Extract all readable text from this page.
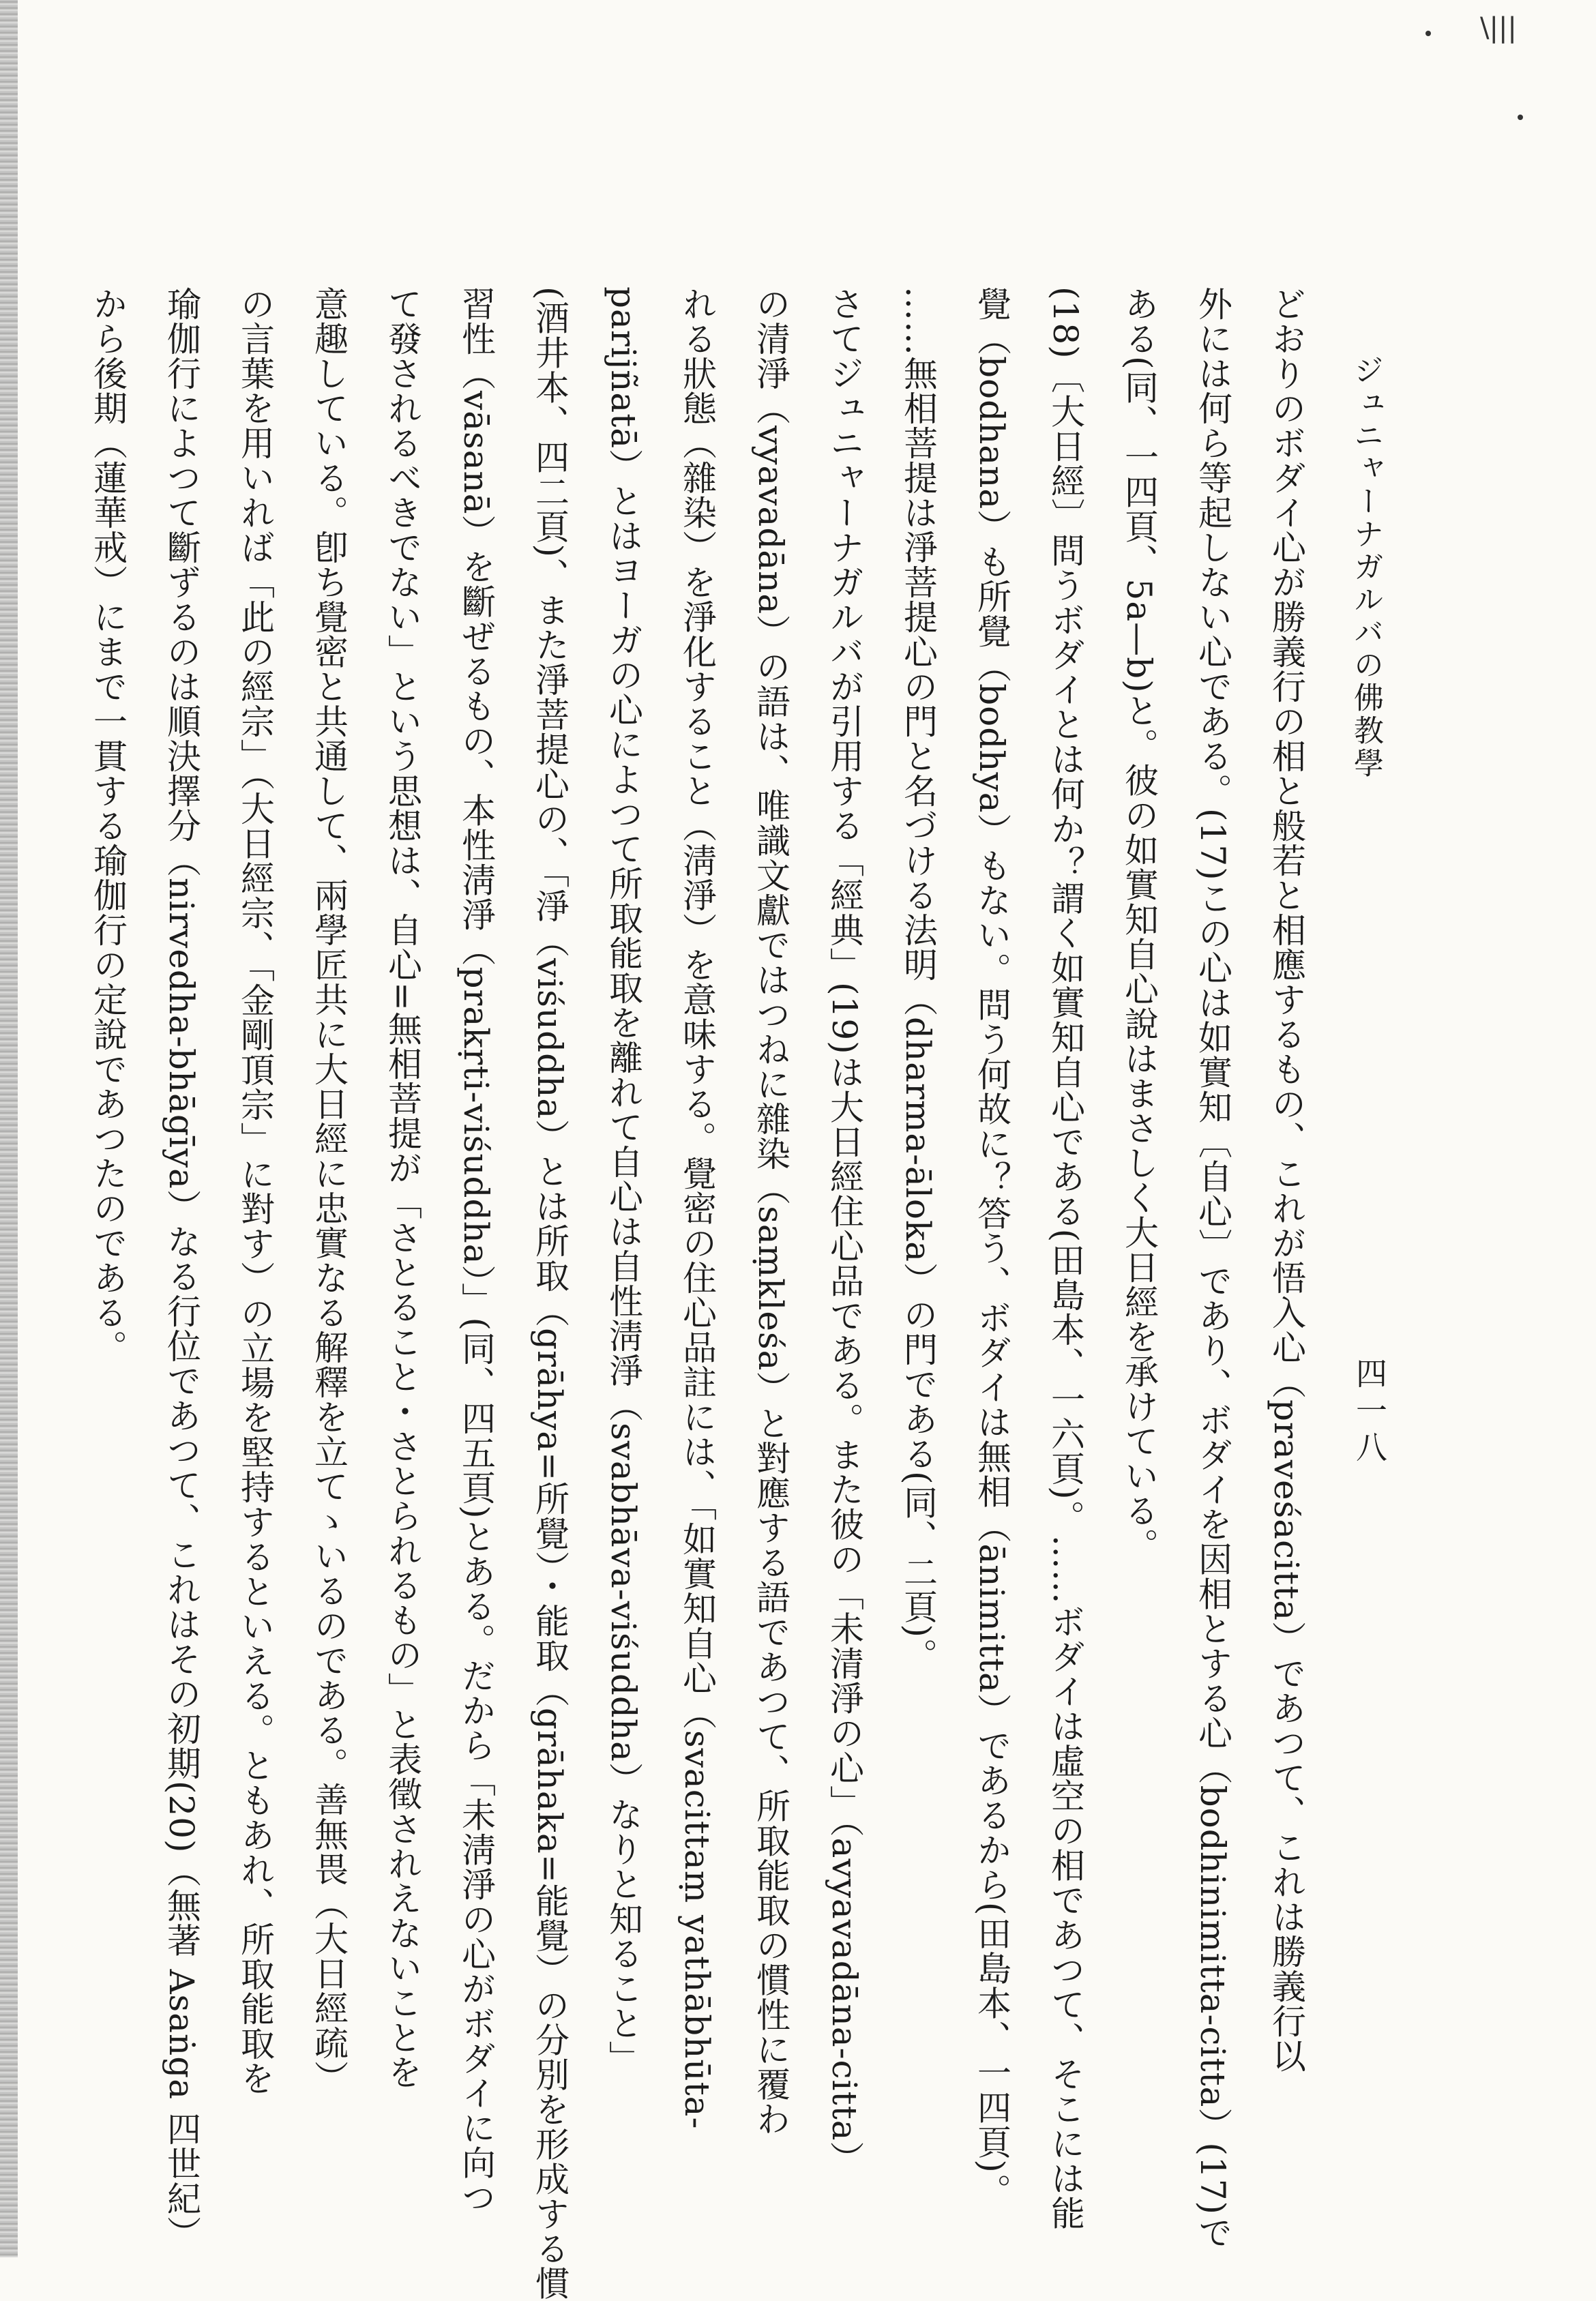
\|||
ジュニャーナガルバの佛教學
四一八
どおりのボダイ心が勝義行の相と般若と相應するもの、これが悟入心（praveśacitta）であつて、これは勝義行以
外には何ら等起しない心である。(17)この心は如實知〔自心〕であり、ボダイを因相とする心（bodhinimitta-citta）(17)で
ある(同、一四頁、5a—b)と。彼の如實知自心說はまさしく大日經を承けている。
(18)〔大日經〕問うボダイとは何か？謂く如實知自心である(田島本、一六頁)。……ボダイは虛空の相であつて、そこには能
覺（bodhana）も所覺（bodhya）もない。問う何故に？答う、ボダイは無相（ānimitta）であるから(田島本、一四頁)。
……無相菩提は淨菩提心の門と名づける法明（dharma-āloka）の門である(同、二頁)。
さてジュニャーナガルバが引用する「經典」(19)は大日經住心品である。また彼の「未清淨の心」（avyavadāna-citta）
の清淨（vyavadāna）の語は、唯識文獻ではつねに雜染（saṃkleśa）と對應する語であつて、所取能取の慣性に覆わ
れる狀態（雜染）を淨化すること（淸淨）を意味する。覺密の住心品註には、「如實知自心（svacittaṃ yathābhūta-
parijñatā）とはヨーガの心によつて所取能取を離れて自心は自性淸淨（svabhāva-viśuddha）なりと知ること」
(酒井本、四二頁)、また淨菩提心の、「淨（viśuddha）とは所取（grāhya=所覺）・能取（grāhaka=能覺）の分別を形成する慣
習性（vāsanā）を斷ぜるもの、本性淸淨（prakṛti-viśuddha）」(同、四五頁)とある。だから「未淸淨の心がボダイに向つ
て發されるべきでない」という思想は、自心=無相菩提が「さとること・さとられるもの」と表徵されえないことを
意趣している。卽ち覺密と共通して、兩學匠共に大日經に忠實なる解釋を立てゝいるのである。善無畏（大日經疏）
の言葉を用いれば「此の經宗」（大日經宗、「金剛頂宗」に對す）の立場を堅持するといえる。ともあれ、所取能取を
瑜伽行によつて斷ずるのは順決擇分（nirvedha-bhāgīya）なる行位であつて、これはその初期(20)（無著 Asaṅga 四世紀）
から後期（蓮華戒）にまで一貫する瑜伽行の定說であつたのである。
